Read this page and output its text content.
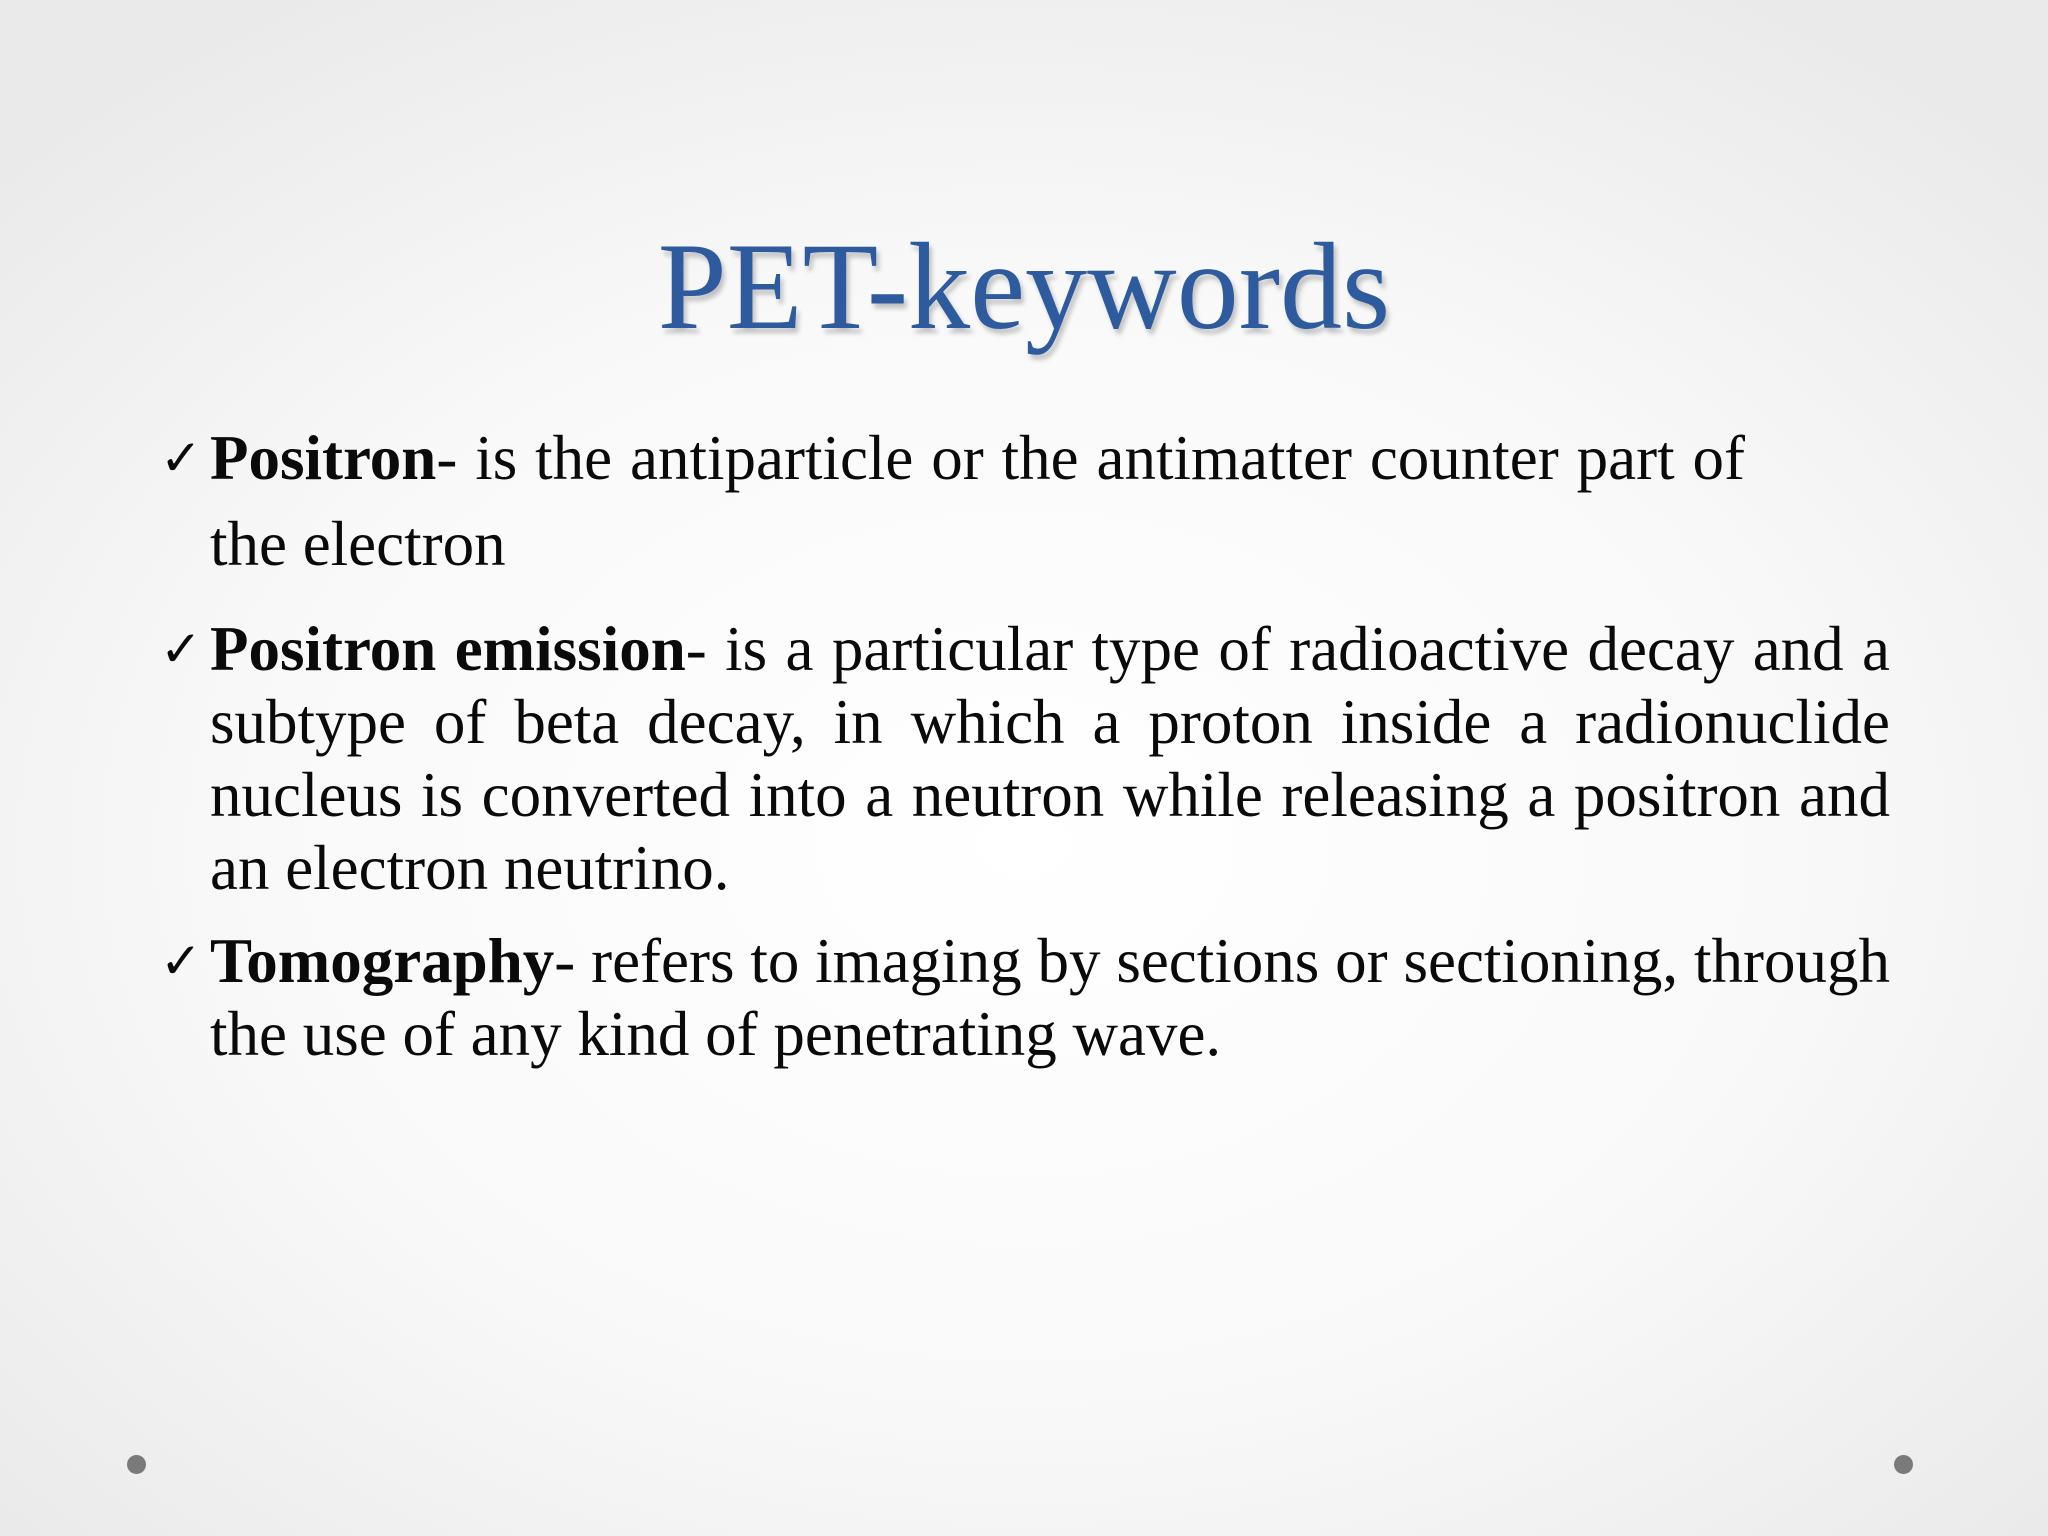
PET-keywords
✓ Positron- is the antiparticle or the antimatter counter part of the electron
✓ Positron emission- is a particular type of radioactive decay and a subtype of beta decay, in which a proton inside a radionuclide nucleus is converted into a neutron while releasing a positron and an electron neutrino.
✓ Tomography- refers to imaging by sections or sectioning, through the use of any kind of penetrating wave.
